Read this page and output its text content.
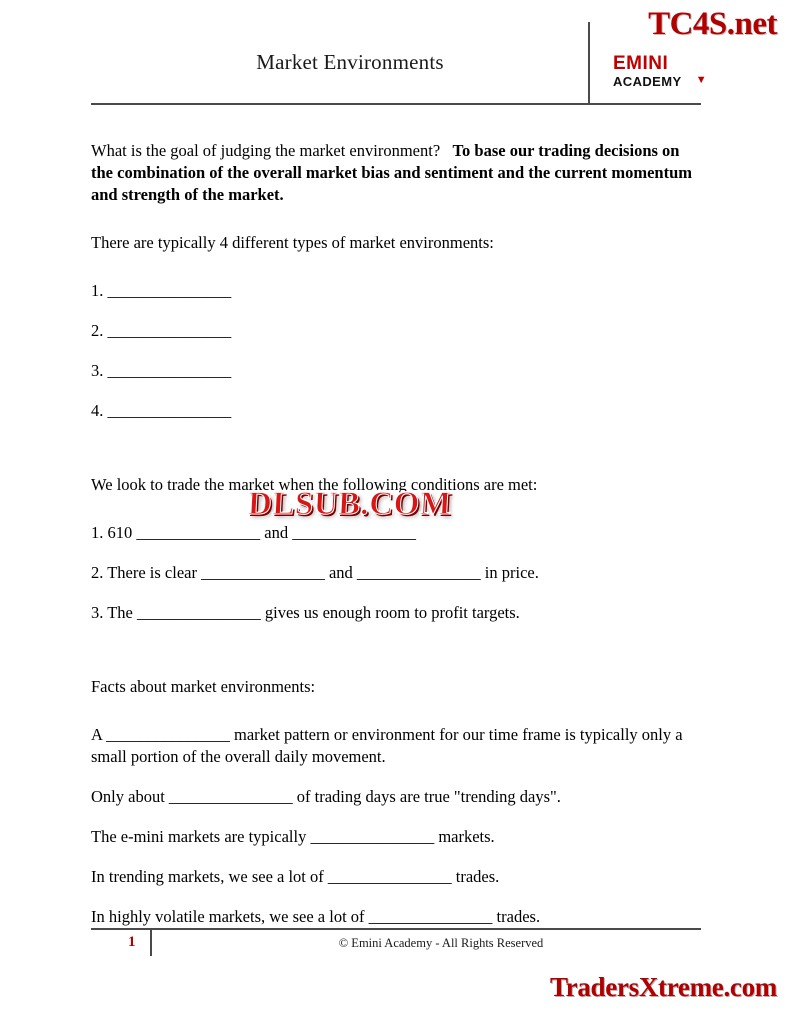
TC4S.net
Market Environments	EMINI
ACADEMY ▼

What is the goal of judging the market environment? To base our trading decisions on the combination of the overall market bias and sentiment and the current momentum and strength of the market.

There are typically 4 different types of market environments:

1. _______________
2. _______________
3. _______________
4. _______________

We look to trade the market when the following conditions are met:

1. 610 _______________ and _______________
2. There is clear _______________ and _______________ in price.
3. The _______________ gives us enough room to profit targets.

Facts about market environments:

A _______________ market pattern or environment for our time frame is typically only a small portion of the overall daily movement.

Only about _______________ of trading days are true "trending days".

The e-mini markets are typically _______________ markets.

In trending markets, we see a lot of _______________ trades.

In highly volatile markets, we see a lot of _______________ trades.

DLSUB.COM
1	© Emini Academy - All Rights Reserved
TradersXtreme.com
